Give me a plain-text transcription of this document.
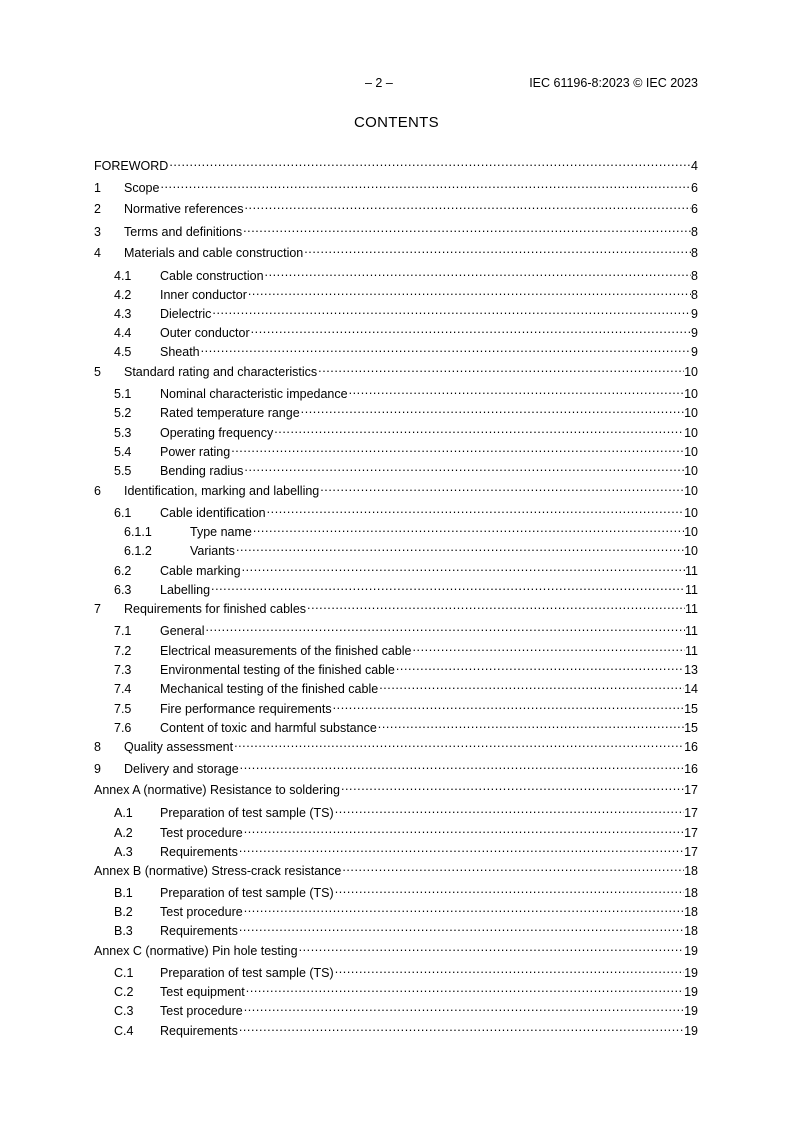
– 2 –	IEC 61196-8:2023 © IEC 2023
CONTENTS
FOREWORD . . .	4
1	Scope . . .	6
2	Normative references . . .	6
3	Terms and definitions . . .	8
4	Materials and cable construction . . .	8
4.1	Cable construction . . .	8
4.2	Inner conductor . . .	8
4.3	Dielectric . . .	9
4.4	Outer conductor . . .	9
4.5	Sheath . . .	9
5	Standard rating and characteristics . . .	10
5.1	Nominal characteristic impedance . . .	10
5.2	Rated temperature range . . .	10
5.3	Operating frequency . . .	10
5.4	Power rating . . .	10
5.5	Bending radius . . .	10
6	Identification, marking and labelling . . .	10
6.1	Cable identification . . .	10
6.1.1	Type name . . .	10
6.1.2	Variants . . .	10
6.2	Cable marking . . .	11
6.3	Labelling . . .	11
7	Requirements for finished cables . . .	11
7.1	General . . .	11
7.2	Electrical measurements of the finished cable . . .	11
7.3	Environmental testing of the finished cable . . .	13
7.4	Mechanical testing of the finished cable . . .	14
7.5	Fire performance requirements . . .	15
7.6	Content of toxic and harmful substance . . .	15
8	Quality assessment . . .	16
9	Delivery and storage . . .	16
Annex A (normative) Resistance to soldering . . .	17
A.1	Preparation of test sample (TS) . . .	17
A.2	Test procedure . . .	17
A.3	Requirements . . .	17
Annex B (normative) Stress-crack resistance . . .	18
B.1	Preparation of test sample (TS) . . .	18
B.2	Test procedure . . .	18
B.3	Requirements . . .	18
Annex C (normative) Pin hole testing . . .	19
C.1	Preparation of test sample (TS) . . .	19
C.2	Test equipment . . .	19
C.3	Test procedure . . .	19
C.4	Requirements . . .	19
